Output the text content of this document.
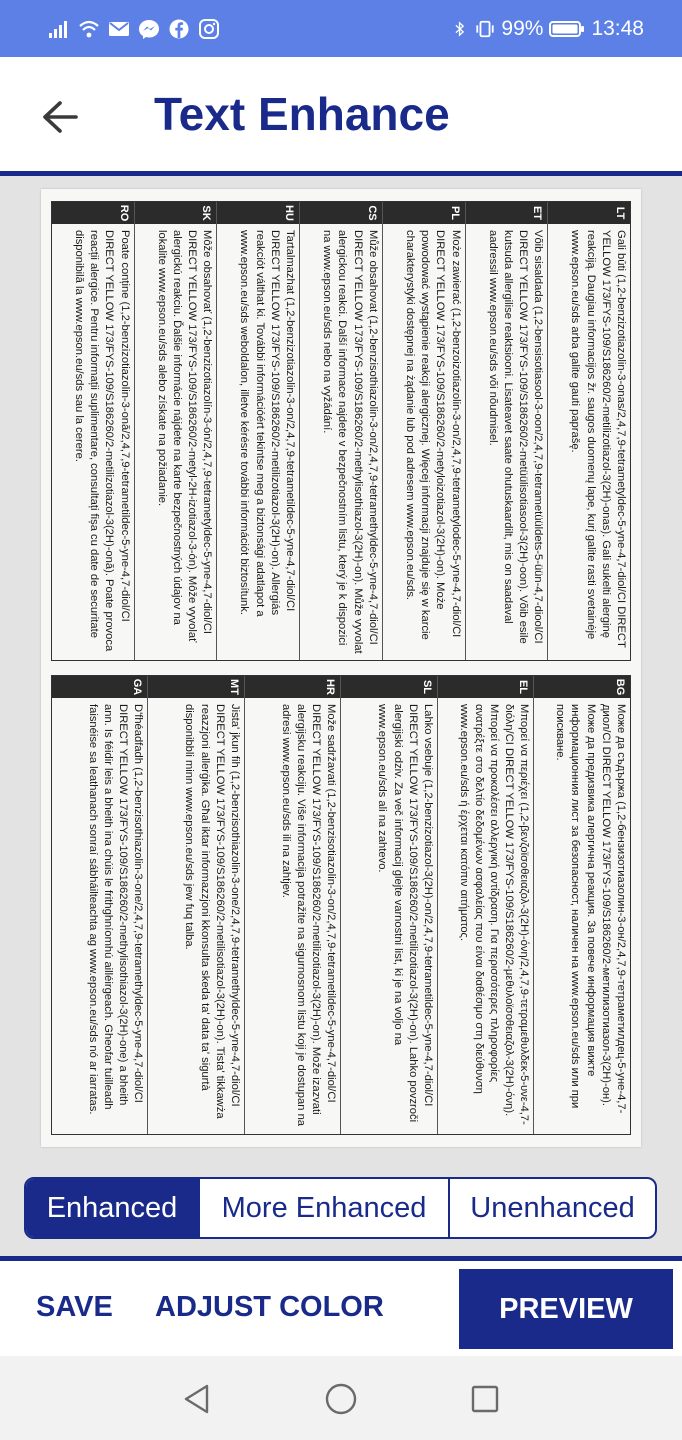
99% 13:48
Text Enhance
LT
Gali būti (1,2-benzizotiazolin-3-onas/2,4,7,9-tetrametyldec-5-yne-4,7-diol/CI DIRECT YELLOW 173/FYS-109/S186260/2-metilizotiazol-3(2H)-onas). Gali sukelti alerginę reakciją. Daugiau informacijos žr. saugos duomenų lape, kurį galite rasti svetainėje www.epson.eu/sds arba galite gauti paprašę.
ET
Võib sisaldada (1,2-bensisotiasool-3-oon/2,4,7,9-tetrametüüldets-5-üün-4,7-diool/CI DIRECT YELLOW 173/FYS-109/S186260/2-metüülisotiasool-3(2H)-oon). Võib esile kutsuda allergilise reaktsiooni. Lisateavet saate ohutuskaardilt, mis on saadaval aadressil www.epson.eu/sds või nõudmisel.
PL
Może zawierać (1,2-benzoizotiazolin-3-on/2,4,7,9-tetrametylodec-5-yne-4,7-diol/CI DIRECT YELLOW 173/FYS-109/S186260/2-metyloizotiazol-3(2H)-on). Może powodować wystąpienie reakcji alergicznej. Więcej informacji znajduje się w karcie charakterystyki dostępnej na żądanie lub pod adresem www.epson.eu/sds.
CS
Může obsahovat (1,2-benzisothiazolin-3-on/2,4,7,9-tetramethyldec-5-yne-4,7-diol/CI DIRECT YELLOW 173/FYS-109/S186260/2-methylisothiazol-3(2H)-on). Může vyvolat alergickou reakci. Další informace najdete v bezpečnostním listu, který je k dispozici na www.epson.eu/sds nebo na vyžádání.
HU
Tartalmazhat (1,2-benzizotiazolin-3-on/2,4,7,9-tetrametildec-5-yne-4,7-diol/CI DIRECT YELLOW 173/FYS-109/S186260/2-metilizotiazol-3(2H)-on). Allergiás reakciót válthat ki. További információért tekintse meg a biztonsági adatlapot a www.epson.eu/sds weboldalon, illetve kérésre további információt biztosítunk.
SK
Môže obsahovať (1,2-benzizotiazolín-3-ón/2,4,7,9-tetrametyldec-5-yne-4,7-diol/CI DIRECT YELLOW 173/FYS-109/S186260/2-metyl-2H-izotiazol-3-ón). Môže vyvolať alergickú reakciu. Ďalšie informácie nájdete na karte bezpečnostných údajov na lokalite www.epson.eu/sds alebo získate na požiadanie.
RO
Poate conține (1,2-benzizotiazolin-3-onă/2,4,7,9-tetrametildec-5-yne-4,7-diol/CI DIRECT YELLOW 173/FYS-109/S186260/2-metilizotiazol-3(2H)-onă). Poate provoca reacții alergice. Pentru informații suplimentare, consultați fișa cu date de securitate disponibilă la www.epson.eu/sds sau la cerere.
BG
Може да съдържа (1,2-бензизотиазолин-3-он/2,4,7,9-тетраметилдец-5-уне-4,7-диол/CI DIRECT YELLOW 173/FYS-109/S186260/2-метилизотиазол-3(2H)-он). Може да предизвика алергична реакция. За повече информация вижте информационния лист за безопасност, наличен на www.epson.eu/sds или при поискване.
EL
Μπορεί να περιέχει (1,2-βενζοϊσοθειαζολ-3(2Η)-όνη/2,4,7,9-τετραμεθυλδεκ-5-υνε-4,7-διόλη/CI DIRECT YELLOW 173/FYS-109/S186260/2-μεθυλοϊσοθειαζολ-3(2Η)-όνη). Μπορεί να προκαλέσει αλλεργική αντίδραση. Για περισσότερες πληροφορίες ανατρέξτε στο δελτίο δεδομένων ασφαλείας που είναι διαθέσιμο στη διεύθυνση www.epson.eu/sds ή έρχεται κατόπιν αιτήματος.
SL
Lahko vsebuje (1,2-benzizotiazol-3(2H)-on/2,4,7,9-tetrametildec-5-yne-4,7-diol/CI DIRECT YELLOW 173/FYS-109/S186260/2-metilizotiazol-3(2H)-on). Lahko povzroči alergijski odziv. Za več informacij glejte varnostni list, ki je na voljo na www.epson.eu/sds ali na zahtevo.
HR
Može sadržavati (1,2-benzisotiazolin-3-on/2,4,7,9-tetrametildec-5-yne-4,7-diol/CI DIRECT YELLOW 173/FYS-109/S186260/2-metilizotiazol-3(2H)-on). Može izazvati alergijsku reakciju. Više informacija potražite na sigurnosnom listu koji je dostupan na adresi www.epson.eu/sds ili na zahtjev.
MT
Jista' jkun fih (1,2-benzisothiazolin-3-one/2,4,7,9-tetramethyldec-5-yne-4,7-diol/CI DIRECT YELLOW 173/FYS-109/S186260/2-metilisotiazol-3(2H)-on). Tista' tikkawża reazzjoni allerġika. Għal iktar informazzjoni kkonsulta skeda ta' data ta' sigurtà disponibbli minn www.epson.eu/sds jew fuq talba.
GA
D'fhéadfadh (1,2-benzisothiazolin-3-one/2,4,7,9-tetramethyldec-5-yne-4,7-diol/CI DIRECT YELLOW 173/FYS-109/S186260/2-methylisothiazol-3(2H)-one) a bheith ann. Is féidir leis a bheith ina chúis le frithghníomhú ailléirgeach. Gheofar tuilleadh faisnéise sa leathanach sonraí sábháilteachta ag www.epson.eu/sds nó ar iarratas.
Enhanced	More Enhanced	Unenhanced
SAVE ADJUST COLOR	PREVIEW
